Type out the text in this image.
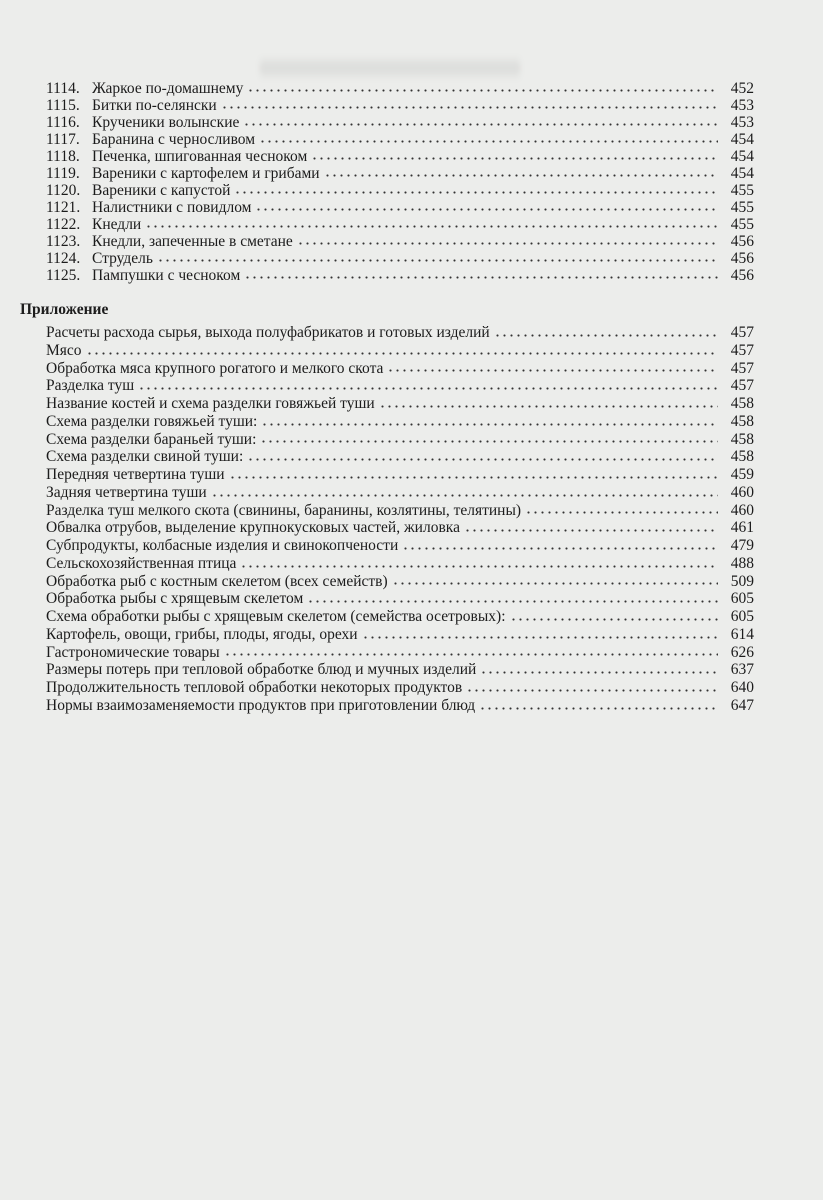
1114. Жаркое по-домашнему	452
1115. Битки по-селянски	453
1116. Крученики волынские	453
1117. Баранина с черносливом	454
1118. Печенка, шпигованная чесноком	454
1119. Вареники с картофелем и грибами	454
1120. Вареники с капустой	455
1121. Налистники с повидлом	455
1122. Кнедли	455
1123. Кнедли, запеченные в сметане	456
1124. Струдель	456
1125. Пампушки с чесноком	456
Приложение
Расчеты расхода сырья, выхода полуфабрикатов и готовых изделий	457
Мясо	457
Обработка мяса крупного рогатого и мелкого скота	457
Разделка туш	457
Название костей и схема разделки говяжьей туши	458
Схема разделки говяжьей туши:	458
Схема разделки бараньей туши:	458
Схема разделки свиной туши:	458
Передняя четвертина туши	459
Задняя четвертина туши	460
Разделка туш мелкого скота (свинины, баранины, козлятины, телятины)	460
Обвалка отрубов, выделение крупнокусковых частей, жиловка	461
Субпродукты, колбасные изделия и свинокопчености	479
Сельскохозяйственная птица	488
Обработка рыб с костным скелетом (всех семейств)	509
Обработка рыбы с хрящевым скелетом	605
Схема обработки рыбы с хрящевым скелетом (семейства осетровых):	605
Картофель, овощи, грибы, плоды, ягоды, орехи	614
Гастрономические товары	626
Размеры потерь при тепловой обработке блюд и мучных изделий	637
Продолжительность тепловой обработки некоторых продуктов	640
Нормы взаимозаменяемости продуктов при приготовлении блюд	647
